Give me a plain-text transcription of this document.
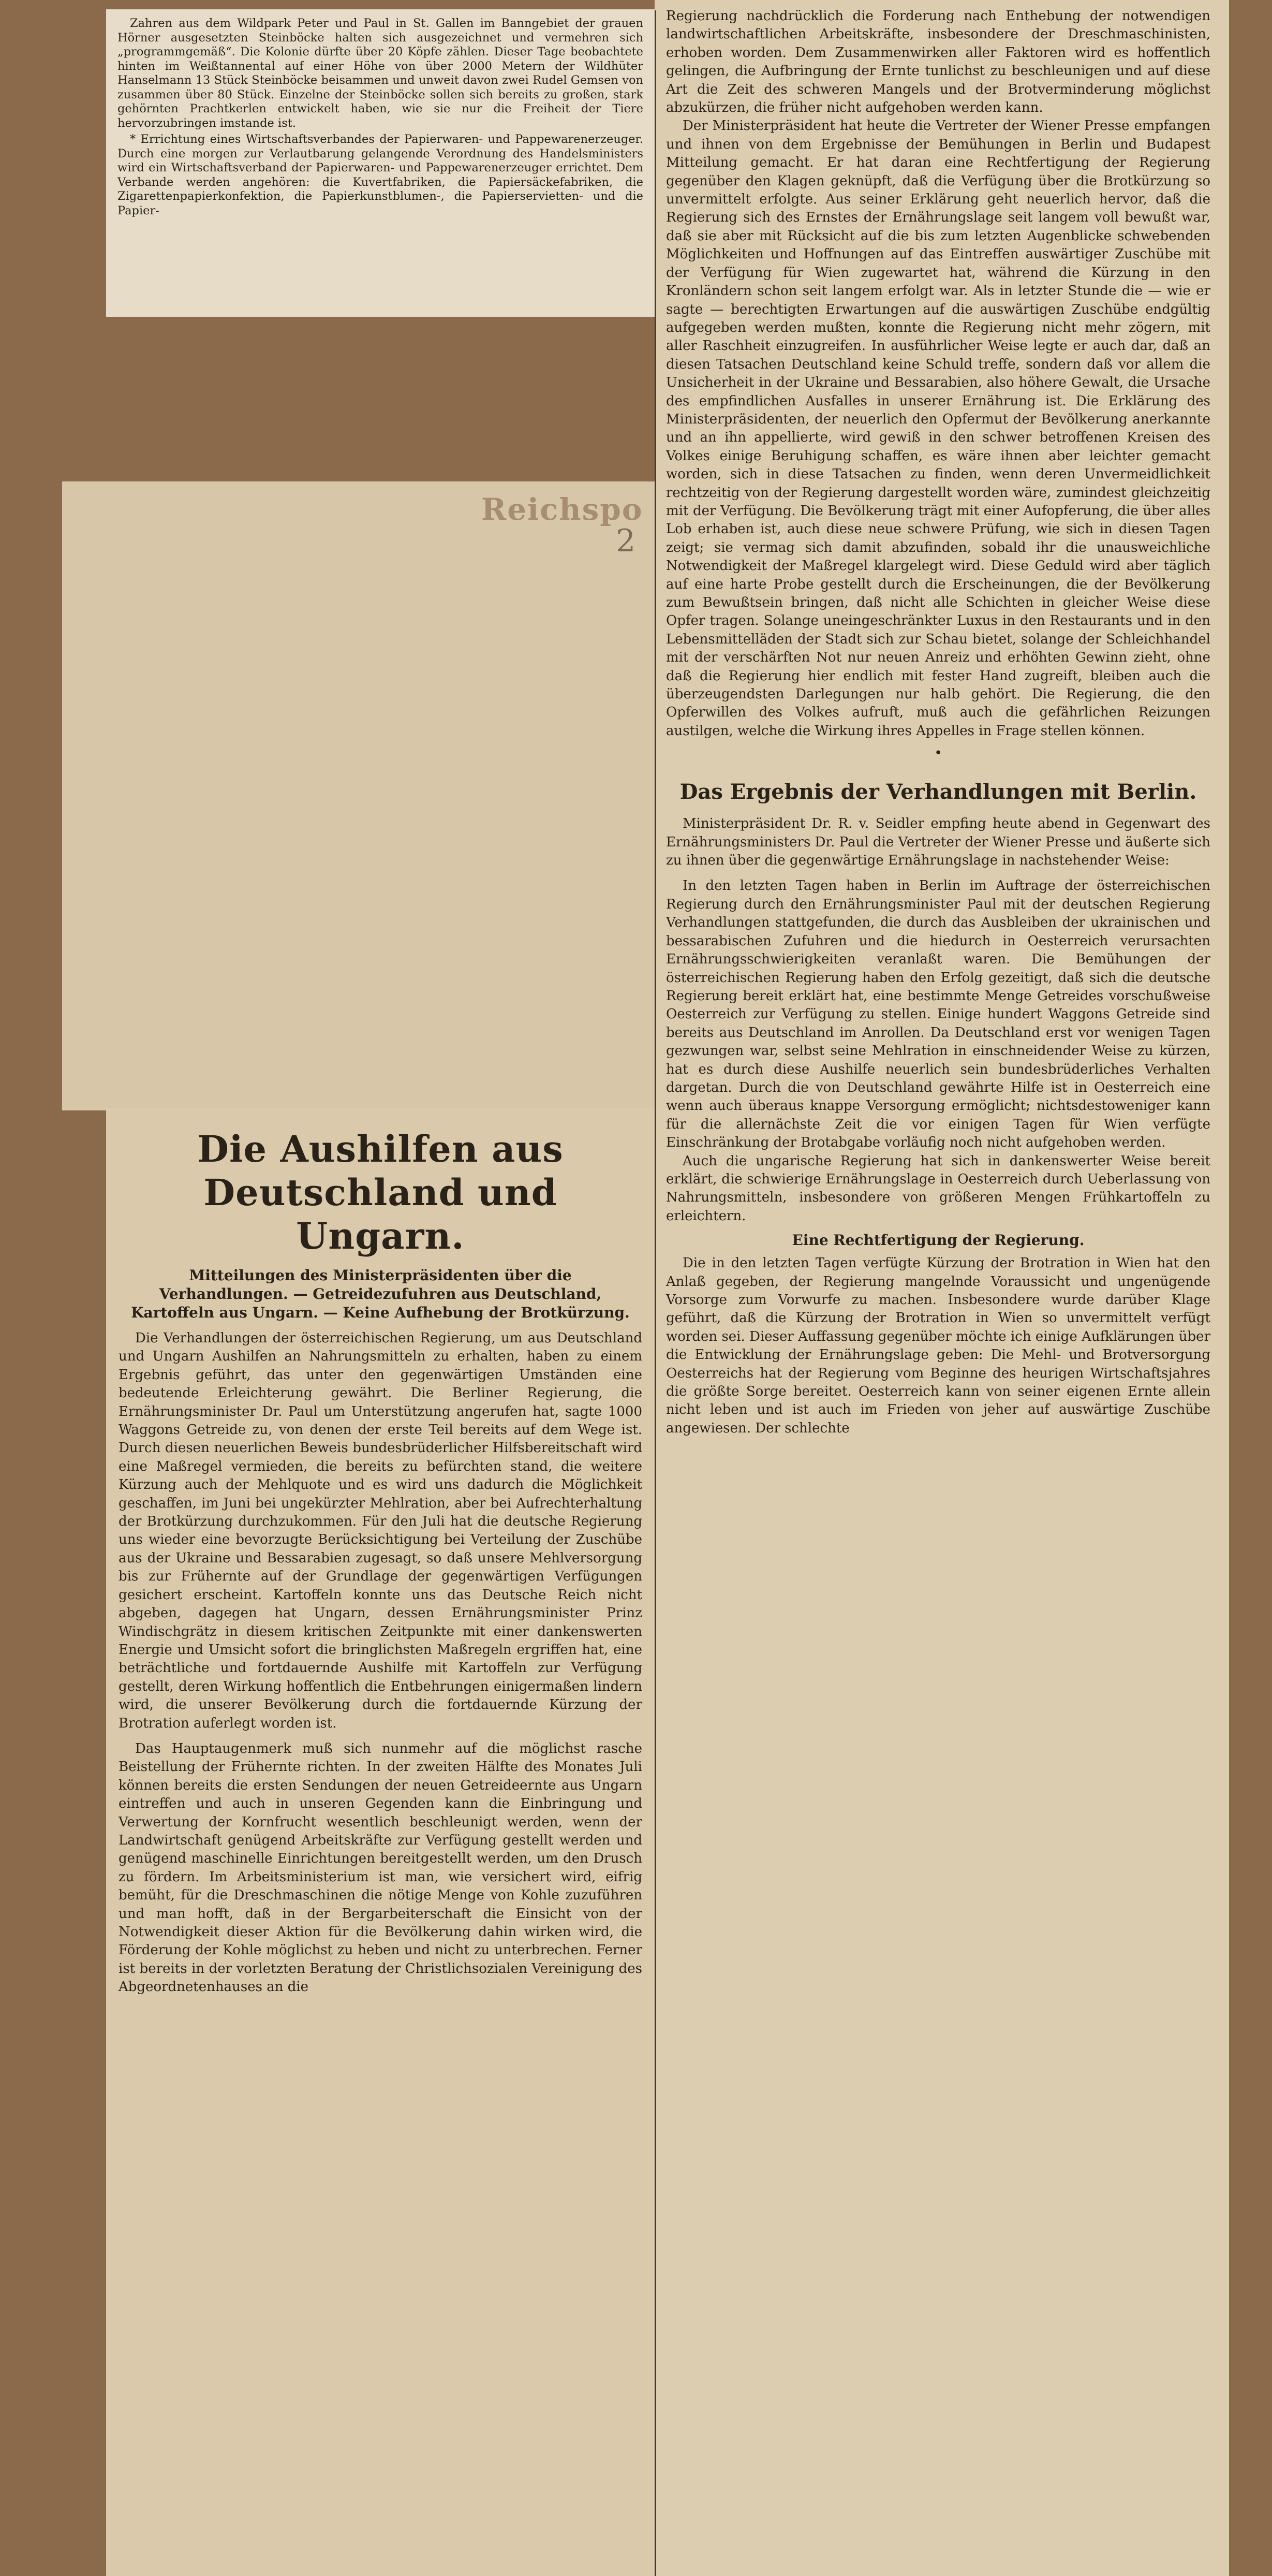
Zahren aus dem Wildpark Peter und Paul in St. Gallen im Banngebiet der grauen Hörner ausgesetzten Steinböcke halten sich ausgezeichnet und vermehren sich „programmgemäß“. Die Kolonie dürfte über 20 Köpfe zählen. Dieser Tage beobachtete hinten im Weißtannental auf einer Höhe von über 2000 Metern der Wildhüter Hanselmann 13 Stück Steinböcke beisammen und unweit davon zwei Rudel Gemsen von zusammen über 80 Stück. Einzelne der Steinböcke sollen sich bereits zu großen, stark gehörnten Prachtkerlen entwickelt haben, wie sie nur die Freiheit der Tiere hervorzubringen imstande ist.

* Errichtung eines Wirtschaftsverbandes der Papierwaren- und Pappewarenerzeuger. Durch eine morgen zur Verlautbarung gelangende Verordnung des Handelsministers wird ein Wirtschaftsverband der Papierwaren- und Pappewarenerzeuger errichtet. Dem Verbande werden angehören: die Kuvertfabriken, die Papiersäckefabriken, die Zigarettenpapierkonfektion, die Papierkunstblumen-, die Papierservietten- und die Papier-

Reichspo
2
Die Aushilfen aus Deutschland und Ungarn.
Mitteilungen des Ministerpräsidenten über die Verhandlungen. — Getreidezufuhren aus Deutschland, Kartoffeln aus Ungarn. — Keine Aufhebung der Brotkürzung.

Die Verhandlungen der österreichischen Regierung, um aus Deutschland und Ungarn Aushilfen an Nahrungsmitteln zu erhalten, haben zu einem Ergebnis geführt, das unter den gegenwärtigen Umständen eine bedeutende Erleichterung gewährt. Die Berliner Regierung, die Ernährungsminister Dr. Paul um Unterstützung angerufen hat, sagte 1000 Waggons Getreide zu, von denen der erste Teil bereits auf dem Wege ist. Durch diesen neuerlichen Beweis bundesbrüderlicher Hilfsbereitschaft wird eine Maßregel vermieden, die bereits zu befürchten stand, die weitere Kürzung auch der Mehlquote und es wird uns dadurch die Möglichkeit geschaffen, im Juni bei ungekürzter Mehlration, aber bei Aufrechterhaltung der Brotkürzung durchzukommen. Für den Juli hat die deutsche Regierung uns wieder eine bevorzugte Berücksichtigung bei Verteilung der Zuschübe aus der Ukraine und Bessarabien zugesagt, so daß unsere Mehlversorgung bis zur Frühernte auf der Grundlage der gegenwärtigen Verfügungen gesichert erscheint. Kartoffeln konnte uns das Deutsche Reich nicht abgeben, dagegen hat Ungarn, dessen Ernährungsminister Prinz Windischgrätz in diesem kritischen Zeitpunkte mit einer dankenswerten Energie und Umsicht sofort die bringlichsten Maßregeln ergriffen hat, eine beträchtliche und fortdauernde Aushilfe mit Kartoffeln zur Verfügung gestellt, deren Wirkung hoffentlich die Entbehrungen einigermaßen lindern wird, die unserer Bevölkerung durch die fortdauernde Kürzung der Brotration auferlegt worden ist.

Das Hauptaugenmerk muß sich nunmehr auf die möglichst rasche Beistellung der Frühernte richten. In der zweiten Hälfte des Monates Juli können bereits die ersten Sendungen der neuen Getreideernte aus Ungarn eintreffen und auch in unseren Gegenden kann die Einbringung und Verwertung der Kornfrucht wesentlich beschleunigt werden, wenn der Landwirtschaft genügend Arbeitskräfte zur Verfügung gestellt werden und genügend maschinelle Einrichtungen bereitgestellt werden, um den Drusch zu fördern. Im Arbeitsministerium ist man, wie versichert wird, eifrig bemüht, für die Dreschmaschinen die nötige Menge von Kohle zuzuführen und man hofft, daß in der Bergarbeiterschaft die Einsicht von der Notwendigkeit dieser Aktion für die Bevölkerung dahin wirken wird, die Förderung der Kohle möglichst zu heben und nicht zu unterbrechen. Ferner ist bereits in der vorletzten Beratung der Christlichsozialen Vereinigung des Abgeordnetenhauses an die

Regierung nachdrücklich die Forderung nach Enthebung der notwendigen landwirtschaftlichen Arbeitskräfte, insbesondere der Dreschmaschinisten, erhoben worden. Dem Zusammenwirken aller Faktoren wird es hoffentlich gelingen, die Aufbringung der Ernte tunlichst zu beschleunigen und auf diese Art die Zeit des schweren Mangels und der Brotverminderung möglichst abzukürzen, die früher nicht aufgehoben werden kann.

Der Ministerpräsident hat heute die Vertreter der Wiener Presse empfangen und ihnen von dem Ergebnisse der Bemühungen in Berlin und Budapest Mitteilung gemacht. Er hat daran eine Rechtfertigung der Regierung gegenüber den Klagen geknüpft, daß die Verfügung über die Brotkürzung so unvermittelt erfolgte. Aus seiner Erklärung geht neuerlich hervor, daß die Regierung sich des Ernstes der Ernährungslage seit langem voll bewußt war, daß sie aber mit Rücksicht auf die bis zum letzten Augenblicke schwebenden Möglichkeiten und Hoffnungen auf das Eintreffen auswärtiger Zuschübe mit der Verfügung für Wien zugewartet hat, während die Kürzung in den Kronländern schon seit langem erfolgt war. Als in letzter Stunde die — wie er sagte — berechtigten Erwartungen auf die auswärtigen Zuschübe endgültig aufgegeben werden mußten, konnte die Regierung nicht mehr zögern, mit aller Raschheit einzugreifen. In ausführlicher Weise legte er auch dar, daß an diesen Tatsachen Deutschland keine Schuld treffe, sondern daß vor allem die Unsicherheit in der Ukraine und Bessarabien, also höhere Gewalt, die Ursache des empfindlichen Ausfalles in unserer Ernährung ist. Die Erklärung des Ministerpräsidenten, der neuerlich den Opfermut der Bevölkerung anerkannte und an ihn appellierte, wird gewiß in den schwer betroffenen Kreisen des Volkes einige Beruhigung schaffen, es wäre ihnen aber leichter gemacht worden, sich in diese Tatsachen zu finden, wenn deren Unvermeidlichkeit rechtzeitig von der Regierung dargestellt worden wäre, zumindest gleichzeitig mit der Verfügung. Die Bevölkerung trägt mit einer Aufopferung, die über alles Lob erhaben ist, auch diese neue schwere Prüfung, wie sich in diesen Tagen zeigt; sie vermag sich damit abzufinden, sobald ihr die unausweichliche Notwendigkeit der Maßregel klargelegt wird. Diese Geduld wird aber täglich auf eine harte Probe gestellt durch die Erscheinungen, die der Bevölkerung zum Bewußtsein bringen, daß nicht alle Schichten in gleicher Weise diese Opfer tragen. Solange uneingeschränkter Luxus in den Restaurants und in den Lebensmittelläden der Stadt sich zur Schau bietet, solange der Schleichhandel mit der verschärften Not nur neuen Anreiz und erhöhten Gewinn zieht, ohne daß die Regierung hier endlich mit fester Hand zugreift, bleiben auch die überzeugendsten Darlegungen nur halb gehört. Die Regierung, die den Opferwillen des Volkes aufruft, muß auch die gefährlichen Reizungen austilgen, welche die Wirkung ihres Appelles in Frage stellen können.

•
Das Ergebnis der Verhandlungen mit Berlin.

Ministerpräsident Dr. R. v. Seidler empfing heute abend in Gegenwart des Ernährungsministers Dr. Paul die Vertreter der Wiener Presse und äußerte sich zu ihnen über die gegenwärtige Ernährungslage in nachstehender Weise:

In den letzten Tagen haben in Berlin im Auftrage der österreichischen Regierung durch den Ernährungsminister Paul mit der deutschen Regierung Verhandlungen stattgefunden, die durch das Ausbleiben der ukrainischen und bessarabischen Zufuhren und die hiedurch in Oesterreich verursachten Ernährungsschwierigkeiten veranlaßt waren. Die Bemühungen der österreichischen Regierung haben den Erfolg gezeitigt, daß sich die deutsche Regierung bereit erklärt hat, eine bestimmte Menge Getreides vorschußweise Oesterreich zur Verfügung zu stellen. Einige hundert Waggons Getreide sind bereits aus Deutschland im Anrollen. Da Deutschland erst vor wenigen Tagen gezwungen war, selbst seine Mehlration in einschneidender Weise zu kürzen, hat es durch diese Aushilfe neuerlich sein bundesbrüderliches Verhalten dargetan. Durch die von Deutschland gewährte Hilfe ist in Oesterreich eine wenn auch überaus knappe Versorgung ermöglicht; nichtsdestoweniger kann für die allernächste Zeit die vor einigen Tagen für Wien verfügte Einschränkung der Brotabgabe vorläufig noch nicht aufgehoben werden.

Auch die ungarische Regierung hat sich in dankenswerter Weise bereit erklärt, die schwierige Ernährungslage in Oesterreich durch Ueberlassung von Nahrungsmitteln, insbesondere von größeren Mengen Frühkartoffeln zu erleichtern.

Eine Rechtfertigung der Regierung.

Die in den letzten Tagen verfügte Kürzung der Brotration in Wien hat den Anlaß gegeben, der Regierung mangelnde Voraussicht und ungenügende Vorsorge zum Vorwurfe zu machen. Insbesondere wurde darüber Klage geführt, daß die Kürzung der Brotration in Wien so unvermittelt verfügt worden sei. Dieser Auffassung gegenüber möchte ich einige Aufklärungen über die Entwicklung der Ernährungslage geben: Die Mehl- und Brotversorgung Oesterreichs hat der Regierung vom Beginne des heurigen Wirtschaftsjahres die größte Sorge bereitet. Oesterreich kann von seiner eigenen Ernte allein nicht leben und ist auch im Frieden von jeher auf auswärtige Zuschübe angewiesen. Der schlechte
